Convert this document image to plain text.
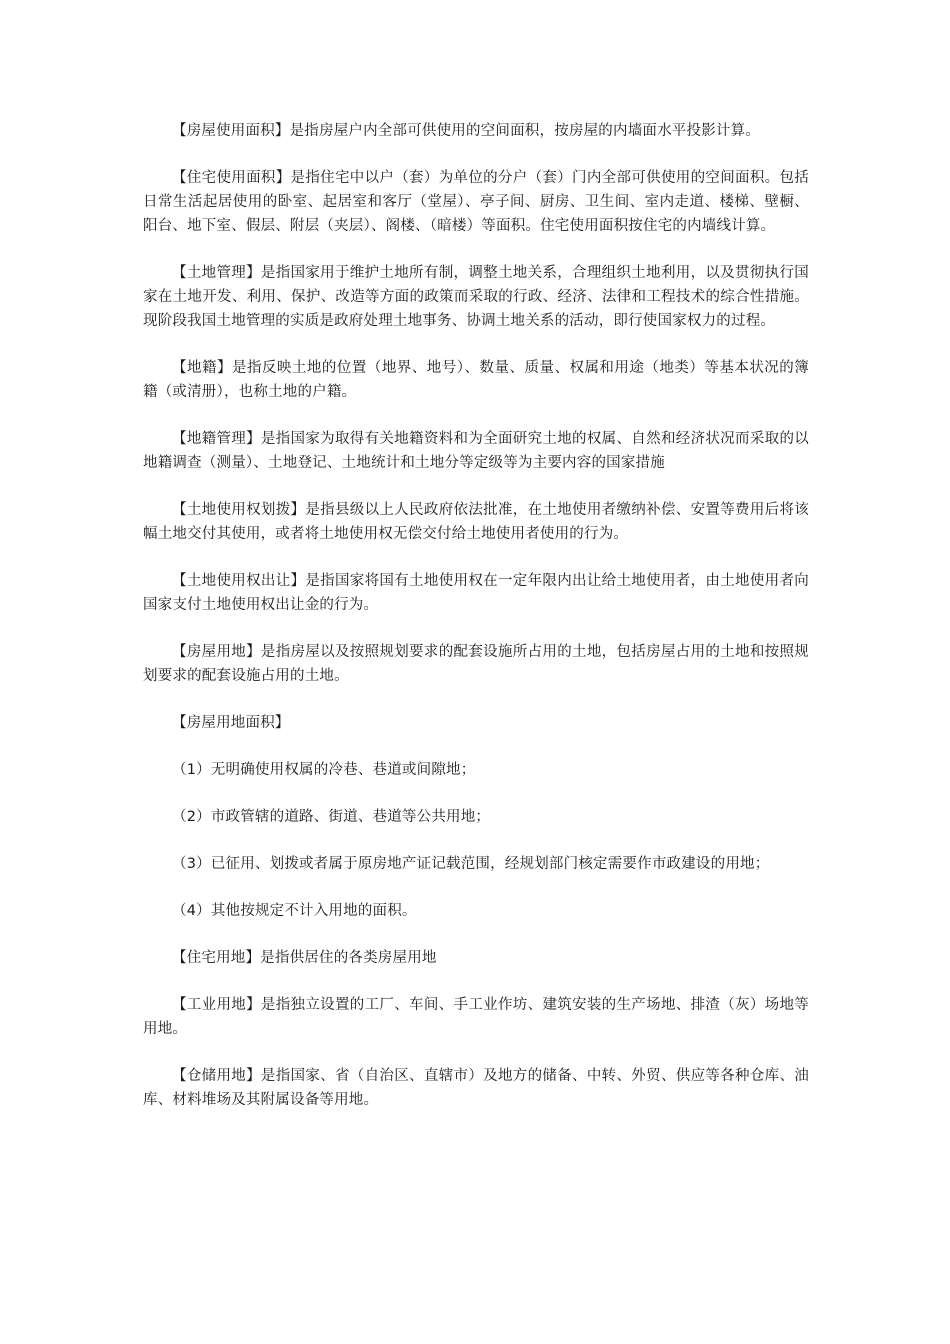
【房屋使用面积】是指房屋户内全部可供使用的空间面积，按房屋的内墙面水平投影计算。

【住宅使用面积】是指住宅中以户（套）为单位的分户（套）门内全部可供使用的空间面积。包括日常生活起居使用的卧室、起居室和客厅（堂屋）、亭子间、厨房、卫生间、室内走道、楼梯、壁橱、阳台、地下室、假层、附层（夹层）、阁楼、（暗楼）等面积。住宅使用面积按住宅的内墙线计算。

【土地管理】是指国家用于维护土地所有制，调整土地关系，合理组织土地利用，以及贯彻执行国家在土地开发、利用、保护、改造等方面的政策而采取的行政、经济、法律和工程技术的综合性措施。现阶段我国土地管理的实质是政府处理土地事务、协调土地关系的活动，即行使国家权力的过程。

【地籍】是指反映土地的位置（地界、地号）、数量、质量、权属和用途（地类）等基本状况的簿籍（或清册），也称土地的户籍。

【地籍管理】是指国家为取得有关地籍资料和为全面研究土地的权属、自然和经济状况而采取的以地籍调查（测量）、土地登记、土地统计和土地分等定级等为主要内容的国家措施

【土地使用权划拨】是指县级以上人民政府依法批准，在土地使用者缴纳补偿、安置等费用后将该幅土地交付其使用，或者将土地使用权无偿交付给土地使用者使用的行为。

【土地使用权出让】是指国家将国有土地使用权在一定年限内出让给土地使用者，由土地使用者向国家支付土地使用权出让金的行为。

【房屋用地】是指房屋以及按照规划要求的配套设施所占用的土地，包括房屋占用的土地和按照规划要求的配套设施占用的土地。

【房屋用地面积】

（1）无明确使用权属的冷巷、巷道或间隙地；

（2）市政管辖的道路、街道、巷道等公共用地；

（3）已征用、划拨或者属于原房地产证记载范围，经规划部门核定需要作市政建设的用地；

（4）其他按规定不计入用地的面积。

【住宅用地】是指供居住的各类房屋用地

【工业用地】是指独立设置的工厂、车间、手工业作坊、建筑安装的生产场地、排渣（灰）场地等用地。

【仓储用地】是指国家、省（自治区、直辖市）及地方的储备、中转、外贸、供应等各种仓库、油库、材料堆场及其附属设备等用地。
